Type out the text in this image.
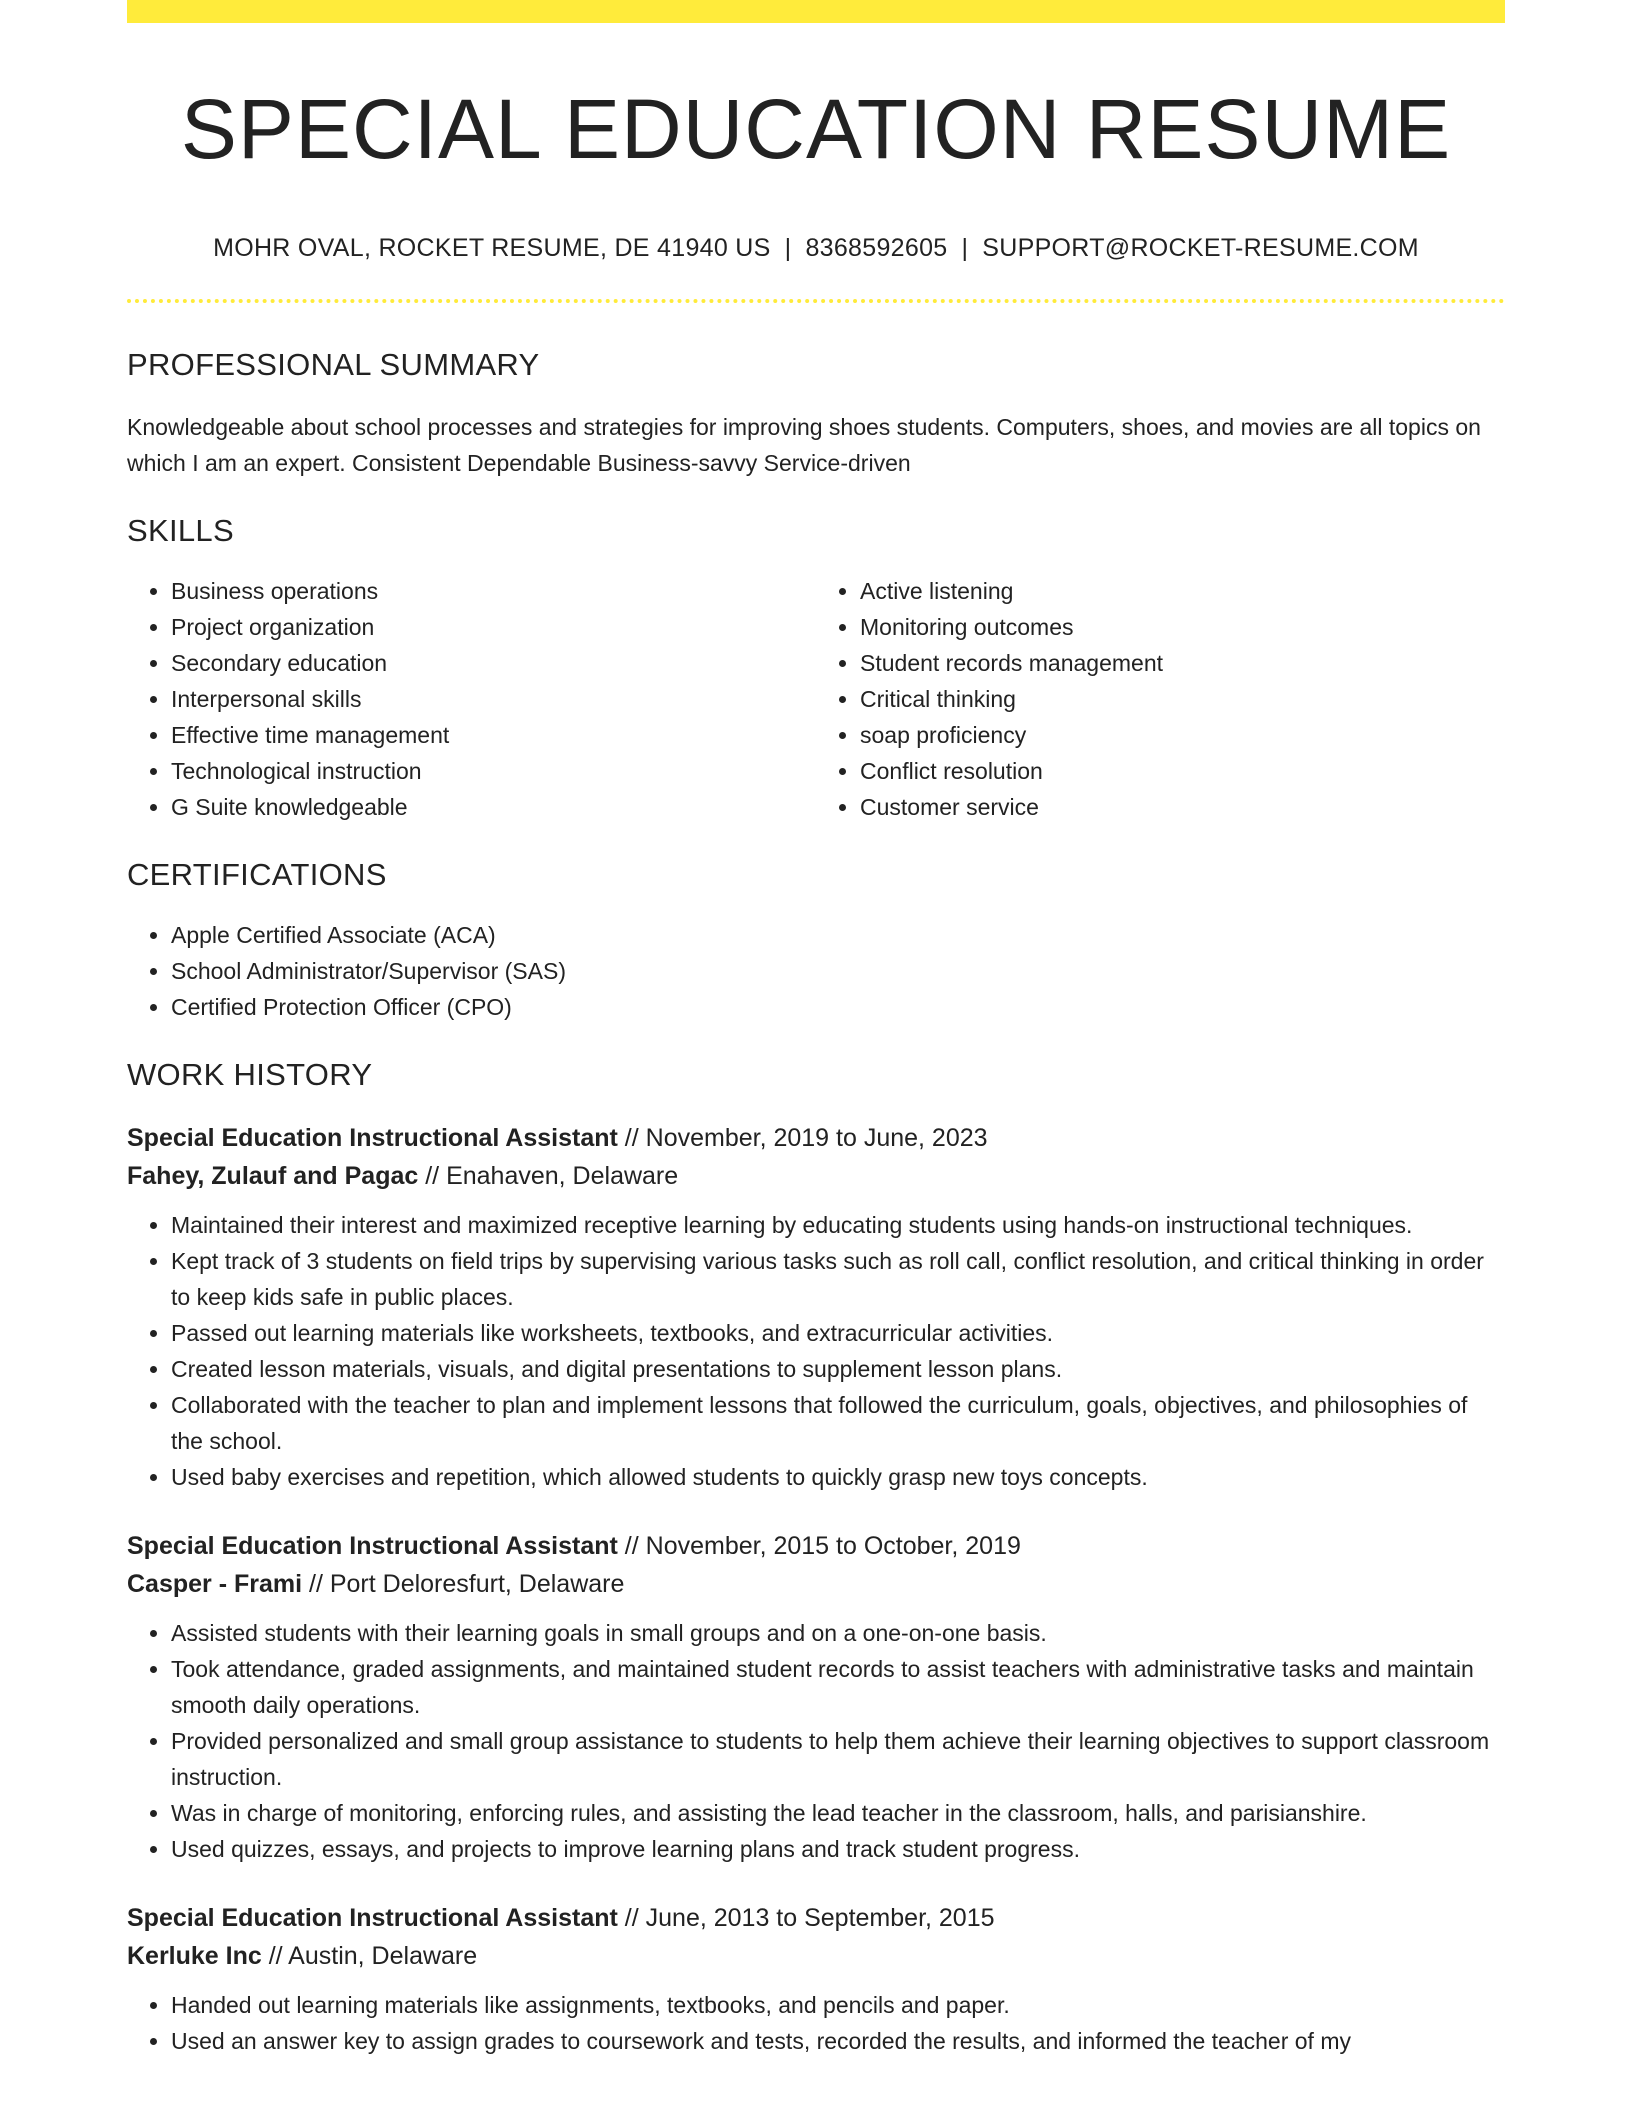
SPECIAL EDUCATION RESUME
MOHR OVAL, ROCKET RESUME, DE 41940 US | 8368592605 | SUPPORT@ROCKET-RESUME.COM
PROFESSIONAL SUMMARY

Knowledgeable about school processes and strategies for improving shoes students. Computers, shoes, and movies are all topics on which I am an expert. Consistent Dependable Business-savvy Service-driven

SKILLS
• Business operations
• Project organization
• Secondary education
• Interpersonal skills
• Effective time management
• Technological instruction
• G Suite knowledgeable
• Active listening
• Monitoring outcomes
• Student records management
• Critical thinking
• soap proficiency
• Conflict resolution
• Customer service
CERTIFICATIONS
• Apple Certified Associate (ACA)
• School Administrator/Supervisor (SAS)
• Certified Protection Officer (CPO)
WORK HISTORY
Special Education Instructional Assistant // November, 2019 to June, 2023
Fahey, Zulauf and Pagac // Enahaven, Delaware
• Maintained their interest and maximized receptive learning by educating students using hands-on instructional techniques.
• Kept track of 3 students on field trips by supervising various tasks such as roll call, conflict resolution, and critical thinking in order to keep kids safe in public places.
• Passed out learning materials like worksheets, textbooks, and extracurricular activities.
• Created lesson materials, visuals, and digital presentations to supplement lesson plans.
• Collaborated with the teacher to plan and implement lessons that followed the curriculum, goals, objectives, and philosophies of the school.
• Used baby exercises and repetition, which allowed students to quickly grasp new toys concepts.
Special Education Instructional Assistant // November, 2015 to October, 2019
Casper - Frami // Port Deloresfurt, Delaware
• Assisted students with their learning goals in small groups and on a one-on-one basis.
• Took attendance, graded assignments, and maintained student records to assist teachers with administrative tasks and maintain smooth daily operations.
• Provided personalized and small group assistance to students to help them achieve their learning objectives to support classroom instruction.
• Was in charge of monitoring, enforcing rules, and assisting the lead teacher in the classroom, halls, and parisianshire.
• Used quizzes, essays, and projects to improve learning plans and track student progress.
Special Education Instructional Assistant // June, 2013 to September, 2015
Kerluke Inc // Austin, Delaware
• Handed out learning materials like assignments, textbooks, and pencils and paper.
• Used an answer key to assign grades to coursework and tests, recorded the results, and informed the teacher of my
